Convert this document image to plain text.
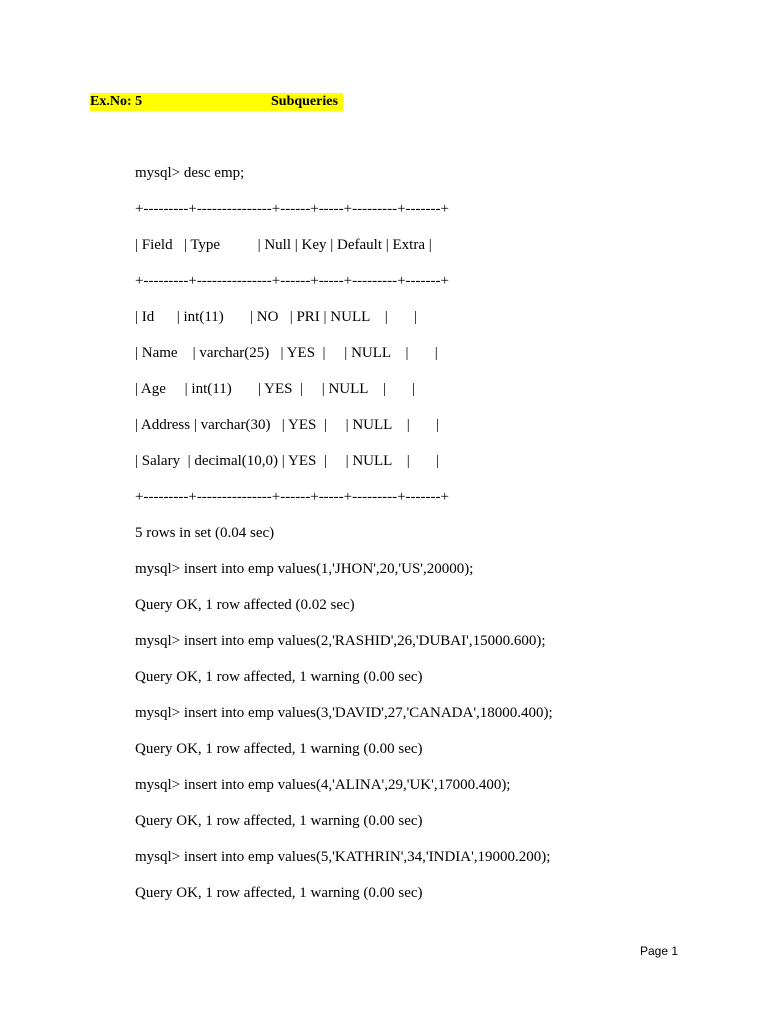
Ex.No: 5	Subqueries
mysql> desc emp;
+---------+---------------+------+-----+---------+-------+
| Field   | Type          | Null | Key | Default | Extra |
+---------+---------------+------+-----+---------+-------+
| Id      | int(11)       | NO   | PRI | NULL    |       |
| Name    | varchar(25)   | YES  |     | NULL    |       |
| Age     | int(11)       | YES  |     | NULL    |       |
| Address | varchar(30)   | YES  |     | NULL    |       |
| Salary  | decimal(10,0) | YES  |     | NULL    |       |
+---------+---------------+------+-----+---------+-------+
5 rows in set (0.04 sec)
mysql> insert into emp values(1,'JHON',20,'US',20000);
Query OK, 1 row affected (0.02 sec)
mysql> insert into emp values(2,'RASHID',26,'DUBAI',15000.600);
Query OK, 1 row affected, 1 warning (0.00 sec)
mysql> insert into emp values(3,'DAVID',27,'CANADA',18000.400);
Query OK, 1 row affected, 1 warning (0.00 sec)
mysql> insert into emp values(4,'ALINA',29,'UK',17000.400);
Query OK, 1 row affected, 1 warning (0.00 sec)
mysql> insert into emp values(5,'KATHRIN',34,'INDIA',19000.200);
Query OK, 1 row affected, 1 warning (0.00 sec)
Page 1
